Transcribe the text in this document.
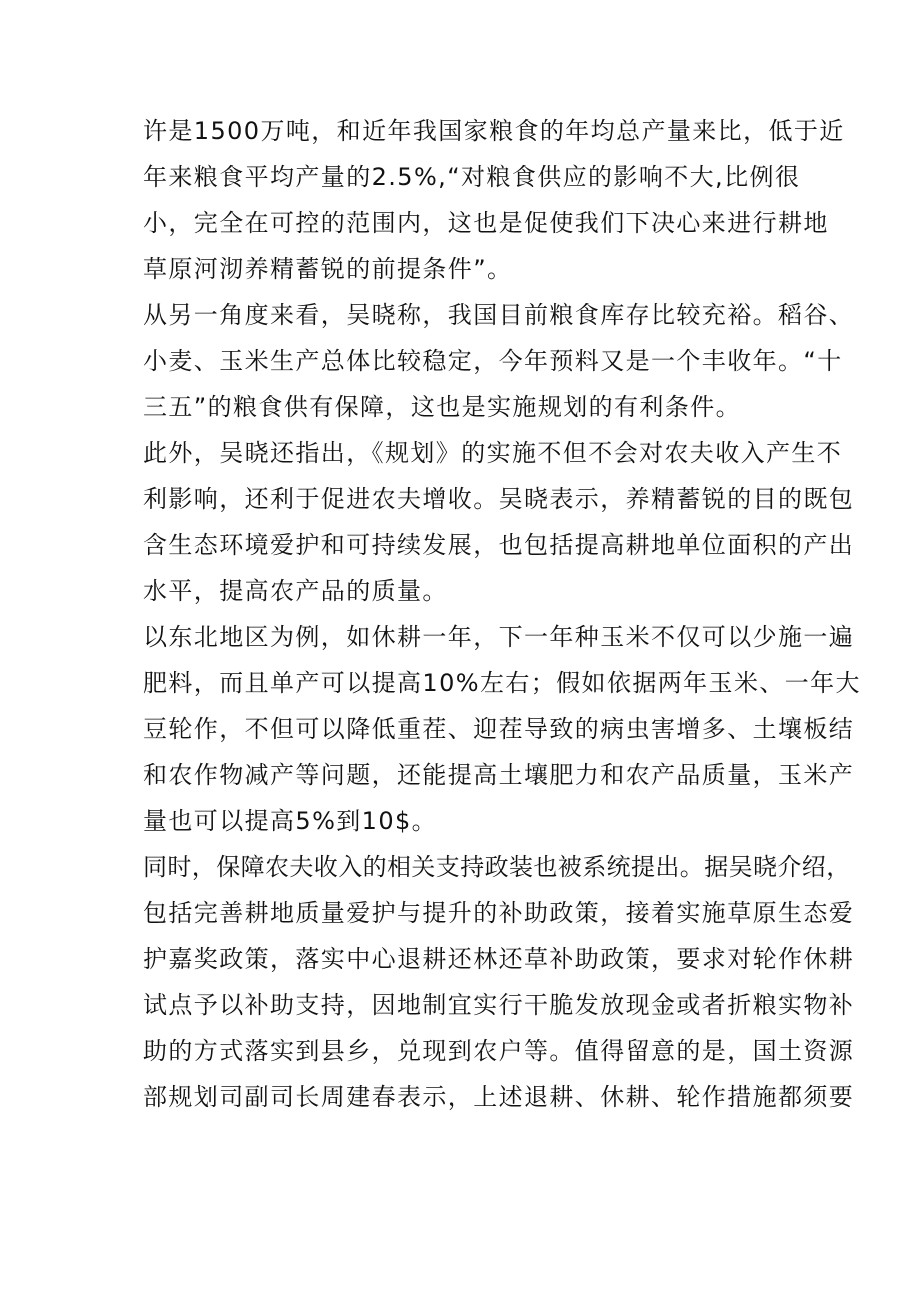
许是1500万吨，和近年我国家粮食的年均总产量来比，低于近
年来粮食平均产量的2.5%,“对粮食供应的影响不大,比例很
小，完全在可控的范围内，这也是促使我们下决心来进行耕地
草原河沏养精蓄锐的前提条件”。
从另一角度来看，吴晓称，我国目前粮食库存比较充裕。稻谷、
小麦、玉米生产总体比较稳定，今年预料又是一个丰收年。“十
三五”的粮食供有保障，这也是实施规划的有利条件。
此外，吴晓还指出，《规划》的实施不但不会对农夫收入产生不
利影响，还利于促进农夫增收。吴晓表示，养精蓄锐的目的既包
含生态环境爱护和可持续发展，也包括提高耕地单位面积的产出
水平，提高农产品的质量。
以东北地区为例，如休耕一年，下一年种玉米不仅可以少施一遍
肥料，而且单产可以提高10%左右；假如依据两年玉米、一年大
豆轮作，不但可以降低重茬、迎茬导致的病虫害增多、土壤板结
和农作物减产等问题，还能提高土壤肥力和农产品质量，玉米产
量也可以提高5%到10$。
同时，保障农夫收入的相关支持政装也被系统提出。据吴晓介绍，
包括完善耕地质量爱护与提升的补助政策，接着实施草原生态爱
护嘉奖政策，落实中心退耕还林还草补助政策，要求对轮作休耕
试点予以补助支持，因地制宜实行干脆发放现金或者折粮实物补
助的方式落实到县乡，兑现到农户等。值得留意的是，国土资源
部规划司副司长周建春表示，上述退耕、休耕、轮作措施都须要
